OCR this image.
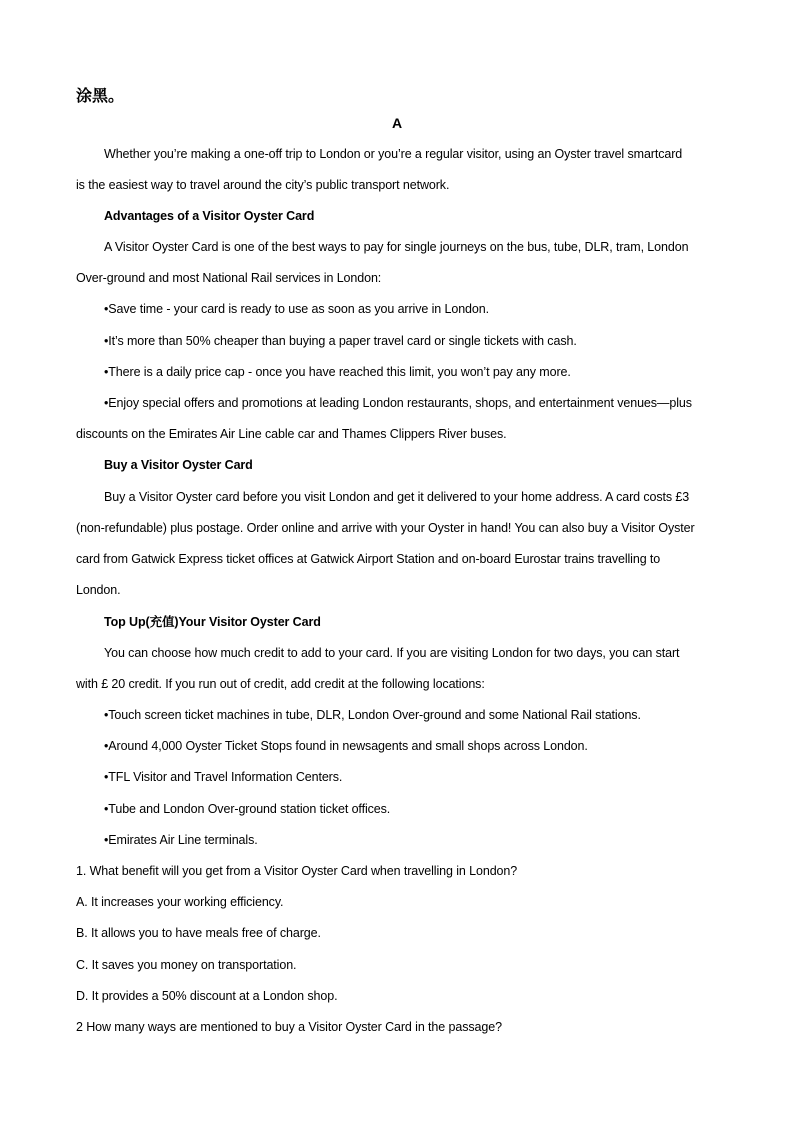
涂黑。
A
Whether you’re making a one-off trip to London or you’re a regular visitor, using an Oyster travel smartcard
is the easiest way to travel around the city’s public transport network.
Advantages of a Visitor Oyster Card
A Visitor Oyster Card is one of the best ways to pay for single journeys on the bus, tube, DLR, tram, London
Over-ground and most National Rail services in London:
•Save time - your card is ready to use as soon as you arrive in London.
•It’s more than 50% cheaper than buying a paper travel card or single tickets with cash.
•There is a daily price cap - once you have reached this limit, you won’t pay any more.
•Enjoy special offers and promotions at leading London restaurants, shops, and entertainment venues—plus
discounts on the Emirates Air Line cable car and Thames Clippers River buses.
Buy a Visitor Oyster Card
Buy a Visitor Oyster card before you visit London and get it delivered to your home address. A card costs £3
(non-refundable) plus postage. Order online and arrive with your Oyster in hand! You can also buy a Visitor Oyster
card from Gatwick Express ticket offices at Gatwick Airport Station and on-board Eurostar trains travelling to
London.
Top Up(充值)Your Visitor Oyster Card
You can choose how much credit to add to your card. If you are visiting London for two days, you can start
with £ 20 credit. If you run out of credit, add credit at the following locations:
•Touch screen ticket machines in tube, DLR, London Over-ground and some National Rail stations.
•Around 4,000 Oyster Ticket Stops found in newsagents and small shops across London.
•TFL Visitor and Travel Information Centers.
•Tube and London Over-ground station ticket offices.
•Emirates Air Line terminals.
1. What benefit will you get from a Visitor Oyster Card when travelling in London?
A. It increases your working efficiency.
B. It allows you to have meals free of charge.
C. It saves you money on transportation.
D. It provides a 50% discount at a London shop.
2 How many ways are mentioned to buy a Visitor Oyster Card in the passage?
